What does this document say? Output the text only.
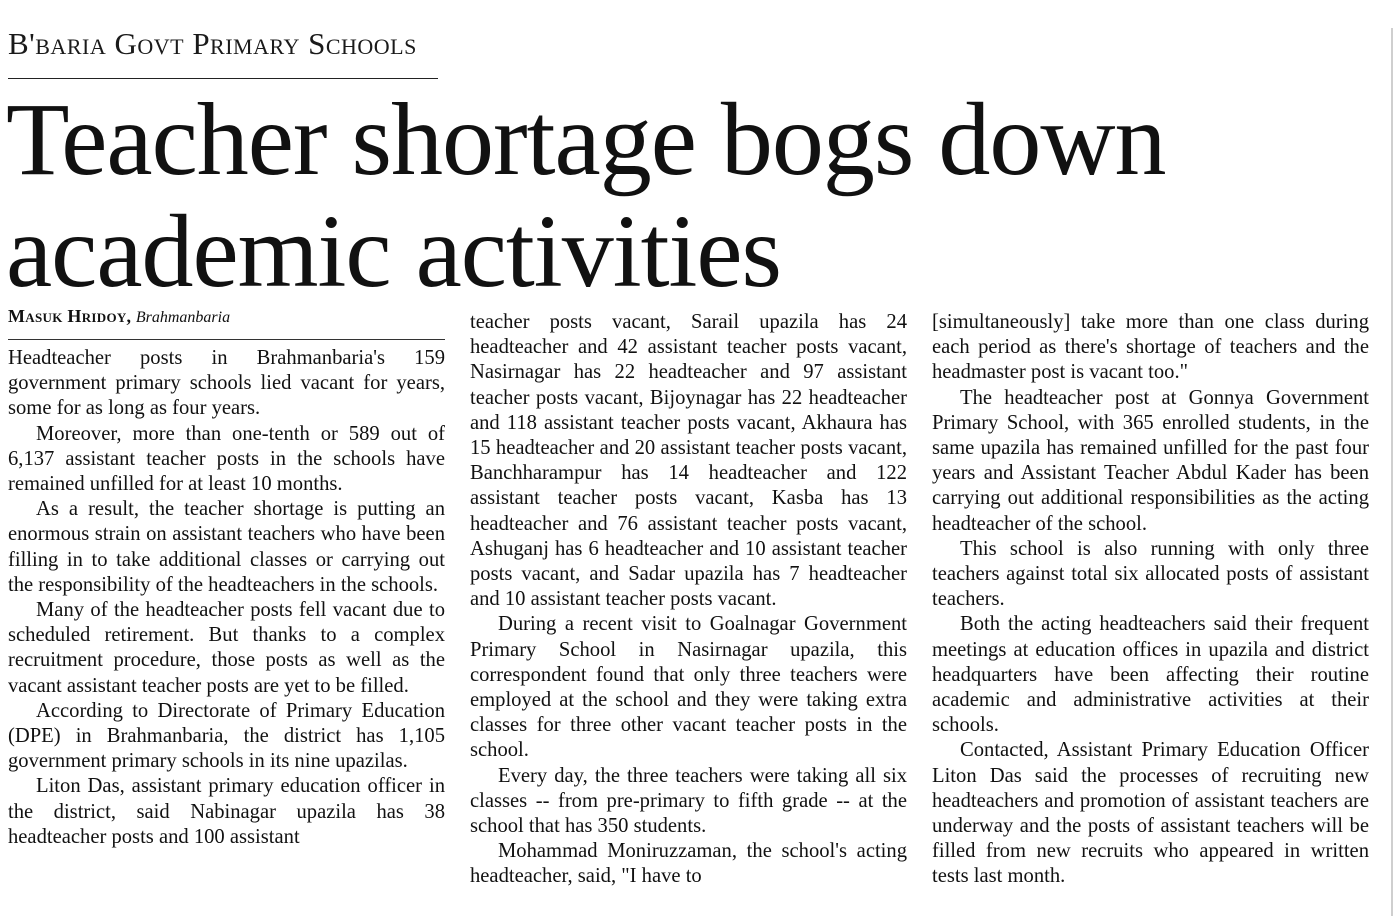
B'baria Govt Primary Schools
Teacher shortage bogs down academic activities
Masuk Hridoy, Brahmanbaria

Headteacher posts in Brahmanbaria's 159 government primary schools lied vacant for years, some for as long as four years.

Moreover, more than one-tenth or 589 out of 6,137 assistant teacher posts in the schools have remained unfilled for at least 10 months.

As a result, the teacher shortage is putting an enormous strain on assistant teachers who have been filling in to take additional classes or carrying out the responsibility of the headteachers in the schools.

Many of the headteacher posts fell vacant due to scheduled retirement. But thanks to a complex recruitment procedure, those posts as well as the vacant assistant teacher posts are yet to be filled.

According to Directorate of Primary Education (DPE) in Brahmanbaria, the district has 1,105 government primary schools in its nine upazilas.

Liton Das, assistant primary education officer in the district, said Nabinagar upazila has 38 headteacher posts and 100 assistant

teacher posts vacant, Sarail upazila has 24 headteacher and 42 assistant teacher posts vacant, Nasirnagar has 22 headteacher and 97 assistant teacher posts vacant, Bijoynagar has 22 headteacher and 118 assistant teacher posts vacant, Akhaura has 15 headteacher and 20 assistant teacher posts vacant, Banchharampur has 14 headteacher and 122 assistant teacher posts vacant, Kasba has 13 headteacher and 76 assistant teacher posts vacant, Ashuganj has 6 headteacher and 10 assistant teacher posts vacant, and Sadar upazila has 7 headteacher and 10 assistant teacher posts vacant.

During a recent visit to Goalnagar Government Primary School in Nasirnagar upazila, this correspondent found that only three teachers were employed at the school and they were taking extra classes for three other vacant teacher posts in the school.

Every day, the three teachers were taking all six classes -- from pre-primary to fifth grade -- at the school that has 350 students.

Mohammad Moniruzzaman, the school's acting headteacher, said, "I have to

[simultaneously] take more than one class during each period as there's shortage of teachers and the headmaster post is vacant too."

The headteacher post at Gonnya Government Primary School, with 365 enrolled students, in the same upazila has remained unfilled for the past four years and Assistant Teacher Abdul Kader has been carrying out additional responsibilities as the acting headteacher of the school.

This school is also running with only three teachers against total six allocated posts of assistant teachers.

Both the acting headteachers said their frequent meetings at education offices in upazila and district headquarters have been affecting their routine academic and administrative activities at their schools.

Contacted, Assistant Primary Education Officer Liton Das said the processes of recruiting new headteachers and promotion of assistant teachers are underway and the posts of assistant teachers will be filled from new recruits who appeared in written tests last month.
